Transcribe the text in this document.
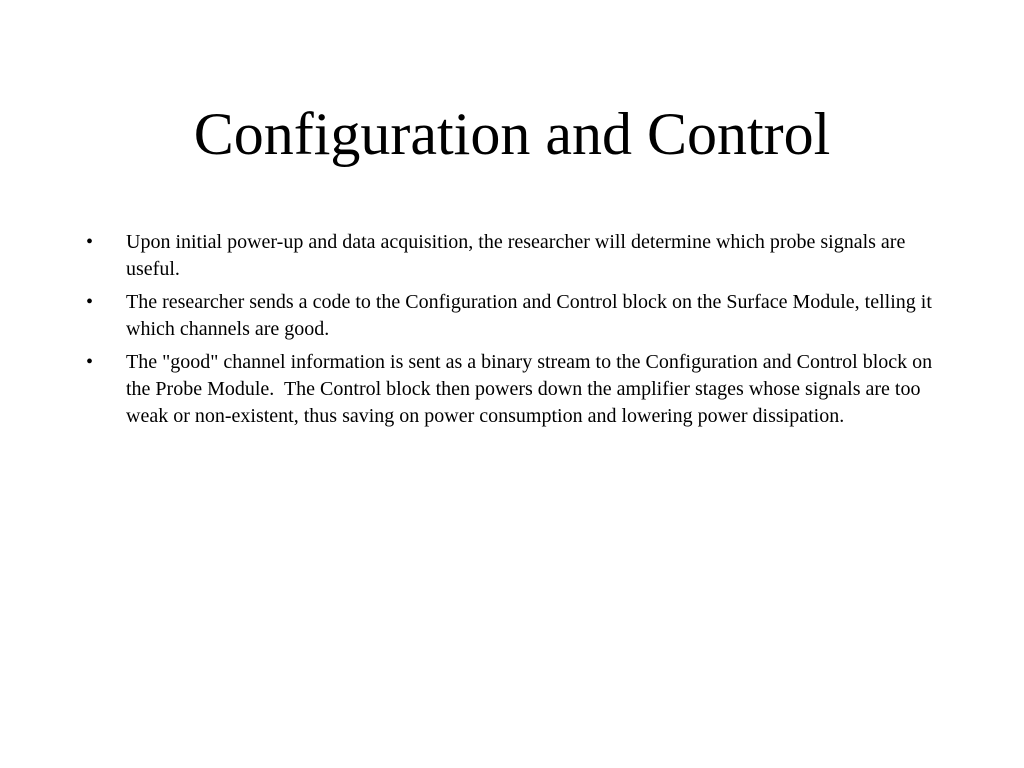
Configuration and Control
•	Upon initial power-up and data acquisition, the researcher will determine which probe signals are useful.
•	The researcher sends a code to the Configuration and Control block on the Surface Module, telling it which channels are good.
•	The "good" channel information is sent as a binary stream to the Configuration and Control block on the Probe Module.  The Control block then powers down the amplifier stages whose signals are too weak or non-existent, thus saving on power consumption and lowering power dissipation.
